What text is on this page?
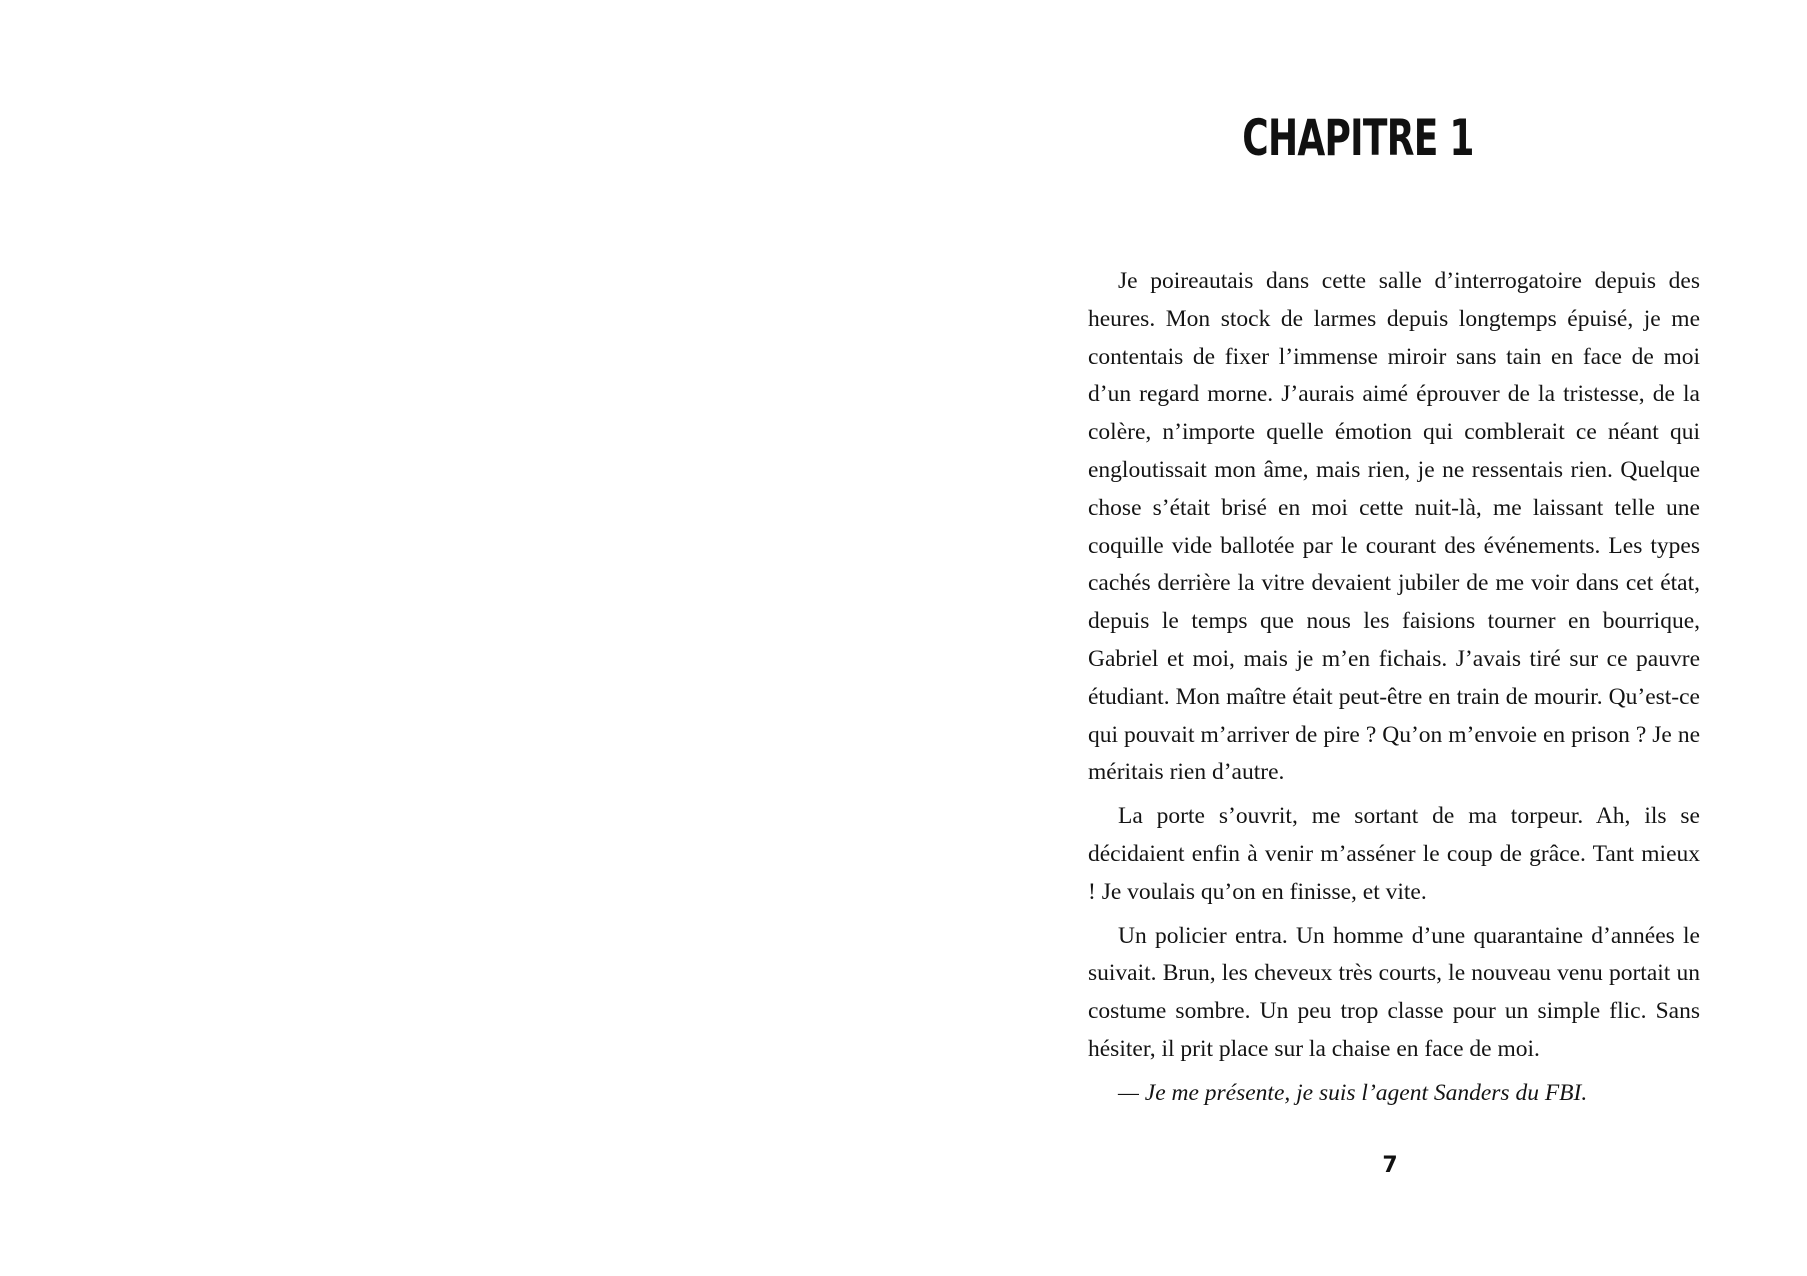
CHAPITRE 1

Je poireautais dans cette salle d’interrogatoire depuis des heures. Mon stock de larmes depuis longtemps épuisé, je me contentais de fixer l’immense miroir sans tain en face de moi d’un regard morne. J’aurais aimé éprouver de la tristesse, de la colère, n’importe quelle émotion qui comblerait ce néant qui engloutissait mon âme, mais rien, je ne ressentais rien. Quelque chose s’était brisé en moi cette nuit-là, me laissant telle une coquille vide ballotée par le courant des événements. Les types cachés derrière la vitre devaient jubiler de me voir dans cet état, depuis le temps que nous les faisions tourner en bourrique, Gabriel et moi, mais je m’en fichais. J’avais tiré sur ce pauvre étudiant. Mon maître était peut-être en train de mourir. Qu’est-ce qui pouvait m’arriver de pire ? Qu’on m’envoie en prison ? Je ne méritais rien d’autre.

La porte s’ouvrit, me sortant de ma torpeur. Ah, ils se décidaient enfin à venir m’asséner le coup de grâce. Tant mieux ! Je voulais qu’on en finisse, et vite.

Un policier entra. Un homme d’une quarantaine d’années le suivait. Brun, les cheveux très courts, le nouveau venu portait un costume sombre. Un peu trop classe pour un simple flic. Sans hésiter, il prit place sur la chaise en face de moi.

— Je me présente, je suis l’agent Sanders du FBI.

7
